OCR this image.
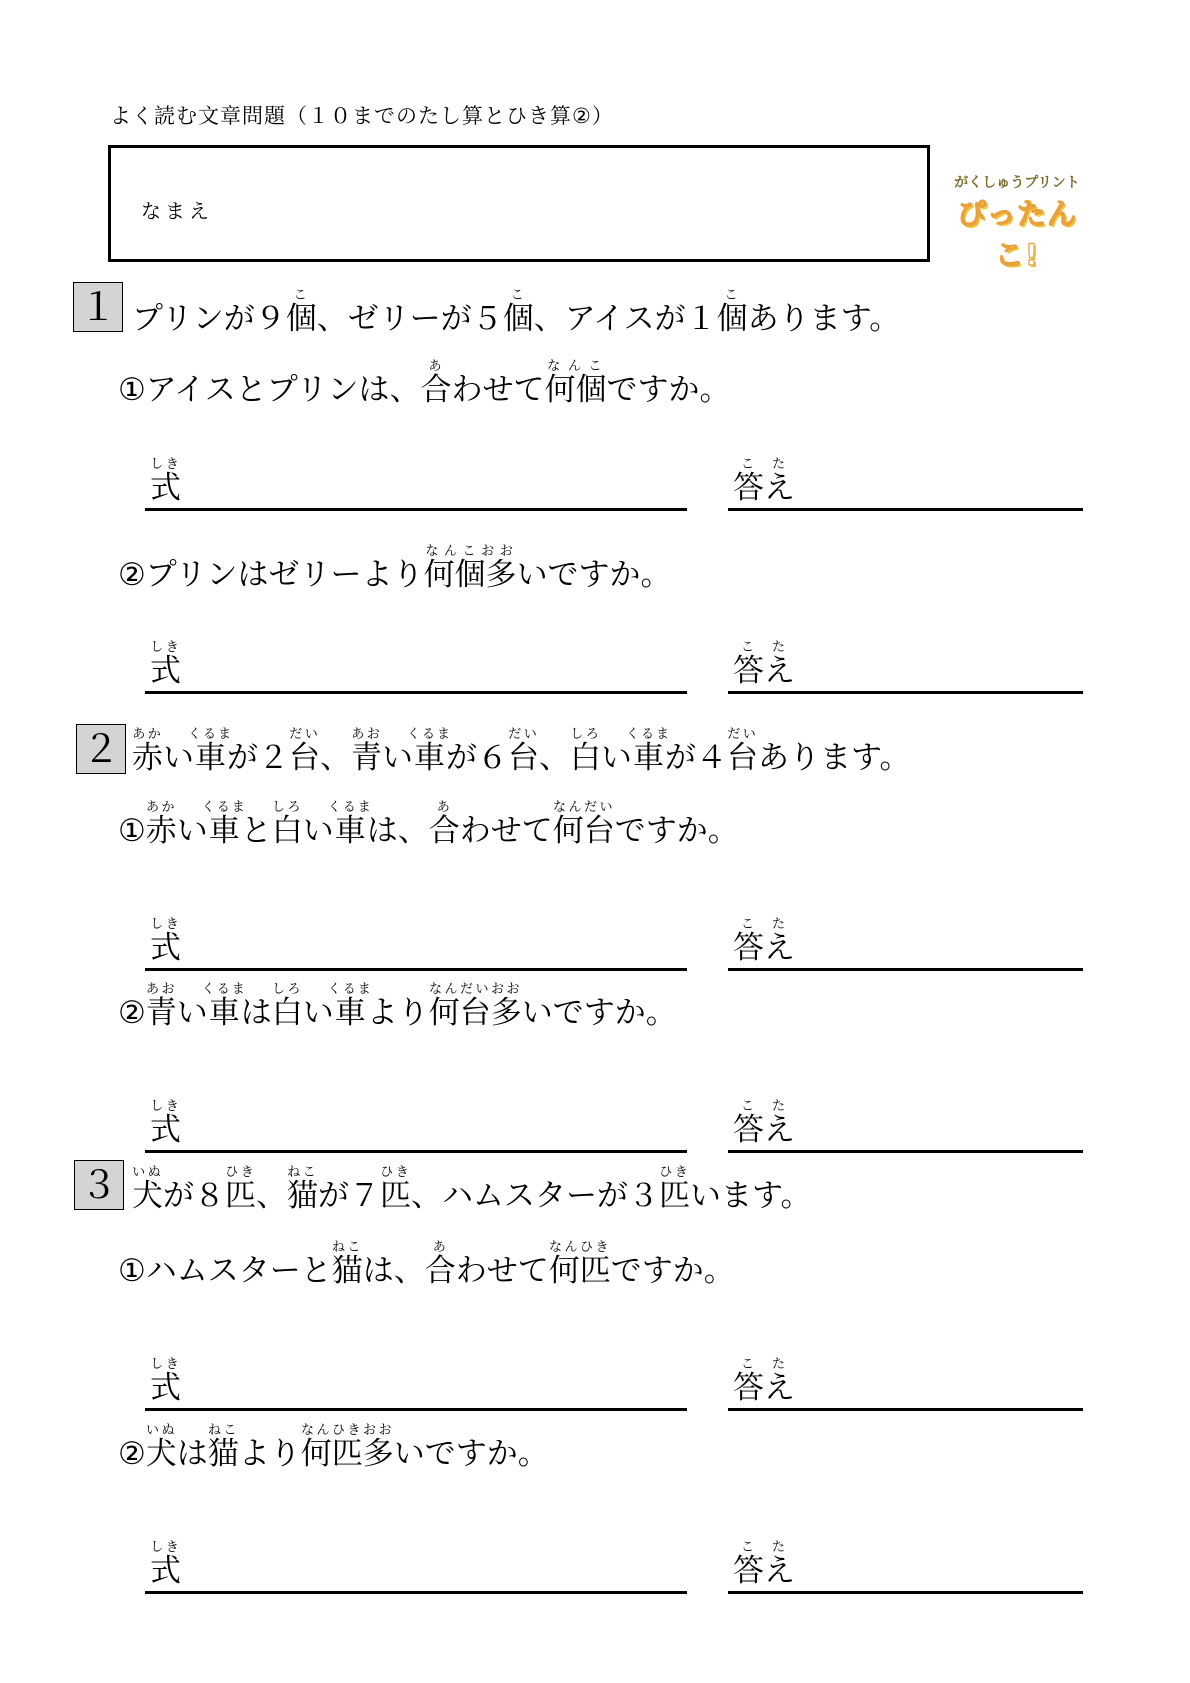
よく読む文章問題（１０までのたし算とひき算②）
なまえ
がくしゅうプリント
ぴったんこ!
１ プリンが９個こ、ゼリーが５個こ、アイスが１個こあります。
①アイスとプリンは、合あわせて何個なんこですか。
②プリンはゼリーより何個多なんこおおいですか。
２ 赤あかい車くるまが２台だい、青あおい車くるまが６台だい、白しろい車くるまが４台だいあります。
①赤あかい車くるまと白しろい車くるまは、合あわせて何台なんだいですか。
②青あおい車くるまは白しろい車くるまより何台多なんだいおおいですか。
３ 犬いぬが８匹ひき、猫ねこが７匹ひき、ハムスターが３匹ひきいます。
①ハムスターと猫ねこは、合あわせて何匹なんひきですか。
②犬いぬは猫ねこより何匹多なんひきおおいですか。
式しき
答えこた
式しき
答えこた
式しき
答えこた
式しき
答えこた
式しき
答えこた
式しき
答えこた
